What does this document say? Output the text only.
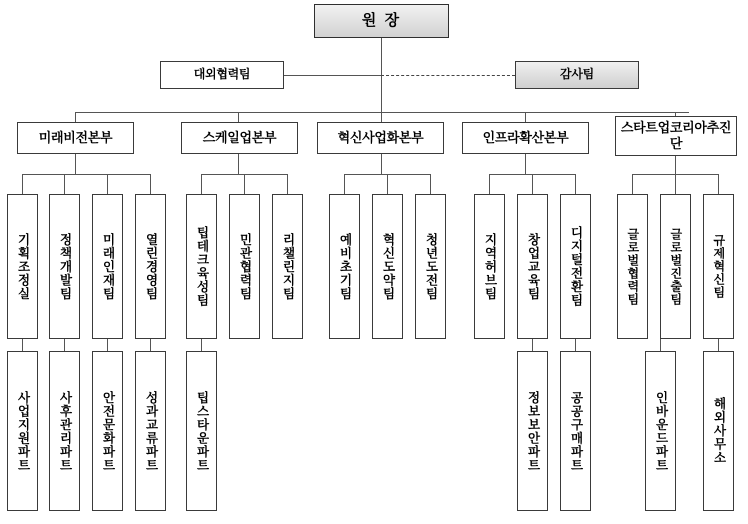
원 장
대외협력팀	감사팀
미래비전본부	스케일업본부	혁신사업화본부	인프라확산본부
스타트업코리아추진단
기획조정실	정책개발팀	미래인재팀	열린경영팀
사업지원파트	사후관리파트	안전문화파트	성과교류파트
팁테크육성팀	민관협력팀	리챌린지팀
팁스타운파트
예비초기팀	혁신도약팀	청년도전팀	지역허브팀	창업교육팀	디지털전환팀
정보보안파트	공공구매파트
글로벌협력팀	글로벌진출팀	규제혁신팀
인바운드파트	해외사무소
